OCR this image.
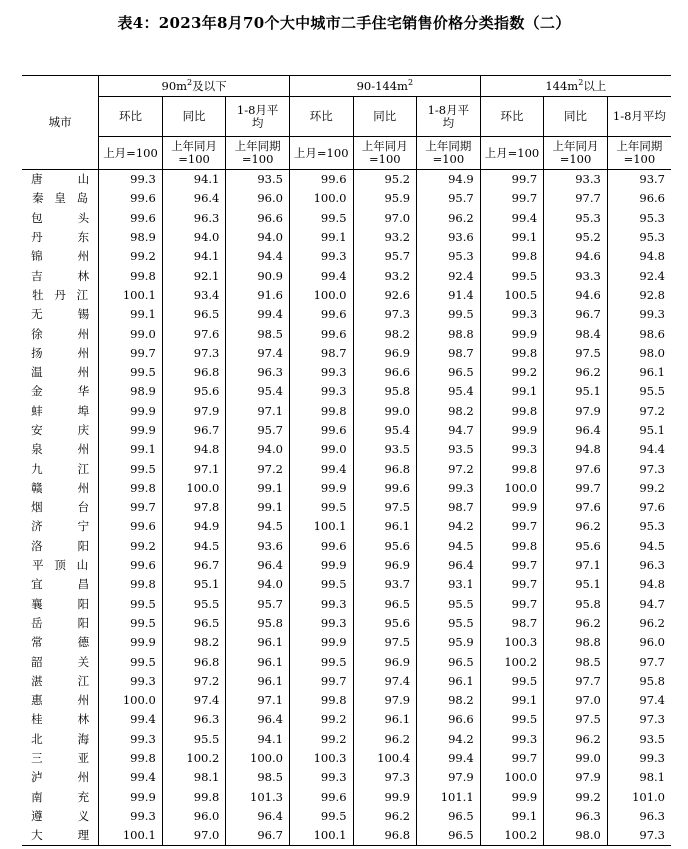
表4：2023年8月70个大中城市二手住宅销售价格分类指数（二）
城市	$90m^2$及以下			$90-144m^2$			$144m^2$以上		
	环比	同比	1-8月平均	环比	同比	1-8月平均	环比	同比	1-8月平均
	上月=100	上年同月=100	上年同期=100	上月=100	上年同月=100	上年同期=100	上月=100	上年同月=100	上年同期=100
唐山	99.3	94.1	93.5	99.6	95.2	94.9	99.7	93.3	93.7
秦皇岛	99.6	96.4	96.0	100.0	95.9	95.7	99.7	97.7	96.6
包头	99.6	96.3	96.6	99.5	97.0	96.2	99.4	95.3	95.3
丹东	98.9	94.0	94.0	99.1	93.2	93.6	99.1	95.2	95.3
锦州	99.2	94.1	94.4	99.3	95.7	95.3	99.8	94.6	94.8
吉林	99.8	92.1	90.9	99.4	93.2	92.4	99.5	93.3	92.4
牡丹江	100.1	93.4	91.6	100.0	92.6	91.4	100.5	94.6	92.8
无锡	99.1	96.5	99.4	99.6	97.3	99.5	99.3	96.7	99.3
徐州	99.0	97.6	98.5	99.6	98.2	98.8	99.9	98.4	98.6
扬州	99.7	97.3	97.4	98.7	96.9	98.7	99.8	97.5	98.0
温州	99.5	96.8	96.3	99.3	96.6	96.5	99.2	96.2	96.1
金华	98.9	95.6	95.4	99.3	95.8	95.4	99.1	95.1	95.5
蚌埠	99.9	97.9	97.1	99.8	99.0	98.2	99.8	97.9	97.2
安庆	99.9	96.7	95.7	99.6	95.4	94.7	99.9	96.4	95.1
泉州	99.1	94.8	94.0	99.0	93.5	93.5	99.3	94.8	94.4
九江	99.5	97.1	97.2	99.4	96.8	97.2	99.8	97.6	97.3
赣州	99.8	100.0	99.1	99.9	99.6	99.3	100.0	99.7	99.2
烟台	99.7	97.8	99.1	99.5	97.5	98.7	99.9	97.6	97.6
济宁	99.6	94.9	94.5	100.1	96.1	94.2	99.7	96.2	95.3
洛阳	99.2	94.5	93.6	99.6	95.6	94.5	99.8	95.6	94.5
平顶山	99.6	96.7	96.4	99.9	96.9	96.4	99.7	97.1	96.3
宜昌	99.8	95.1	94.0	99.5	93.7	93.1	99.7	95.1	94.8
襄阳	99.5	95.5	95.7	99.3	96.5	95.5	99.7	95.8	94.7
岳阳	99.5	96.5	95.8	99.3	95.6	95.5	98.7	96.2	96.2
常德	99.9	98.2	96.1	99.9	97.5	95.9	100.3	98.8	96.0
韶关	99.5	96.8	96.1	99.5	96.9	96.5	100.2	98.5	97.7
湛江	99.3	97.2	96.1	99.7	97.4	96.1	99.5	97.7	95.8
惠州	100.0	97.4	97.1	99.8	97.9	98.2	99.1	97.0	97.4
桂林	99.4	96.3	96.4	99.2	96.1	96.6	99.5	97.5	97.3
北海	99.3	95.5	94.1	99.2	96.2	94.2	99.3	96.2	93.5
三亚	99.8	100.2	100.0	100.3	100.4	99.4	99.7	99.0	99.3
泸州	99.4	98.1	98.5	99.3	97.3	97.9	100.0	97.9	98.1
南充	99.9	99.8	101.3	99.6	99.9	101.1	99.9	99.2	101.0
遵义	99.3	96.0	96.4	99.5	96.2	96.5	99.1	96.3	96.3
大理	100.1	97.0	96.7	100.1	96.8	96.5	100.2	98.0	97.3
